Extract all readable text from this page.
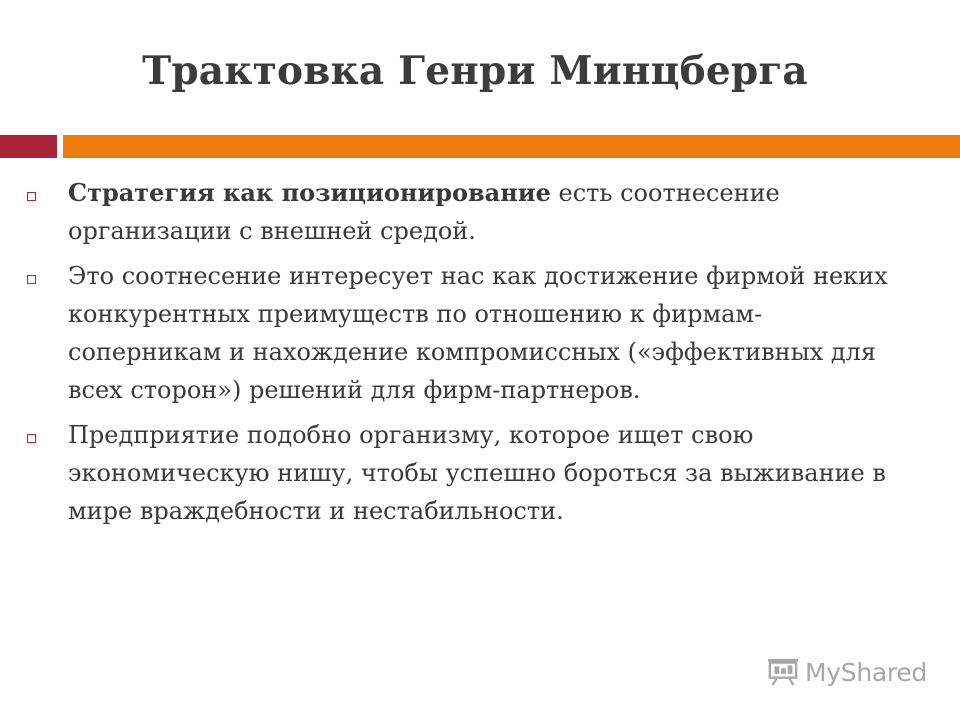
Трактовка Генри Минцберга
Стратегия как позиционирование есть соотнесение организации с внешней средой.
Это соотнесение интересует нас как достижение фирмой неких конкурентных преимуществ по отношению к фирмам-соперникам и нахождение компромиссных («эффективных для всех сторон») решений для фирм-партнеров.
Предприятие подобно организму, которое ищет свою экономическую нишу, чтобы успешно бороться за выживание в мире враждебности и нестабильности.
MyShared
